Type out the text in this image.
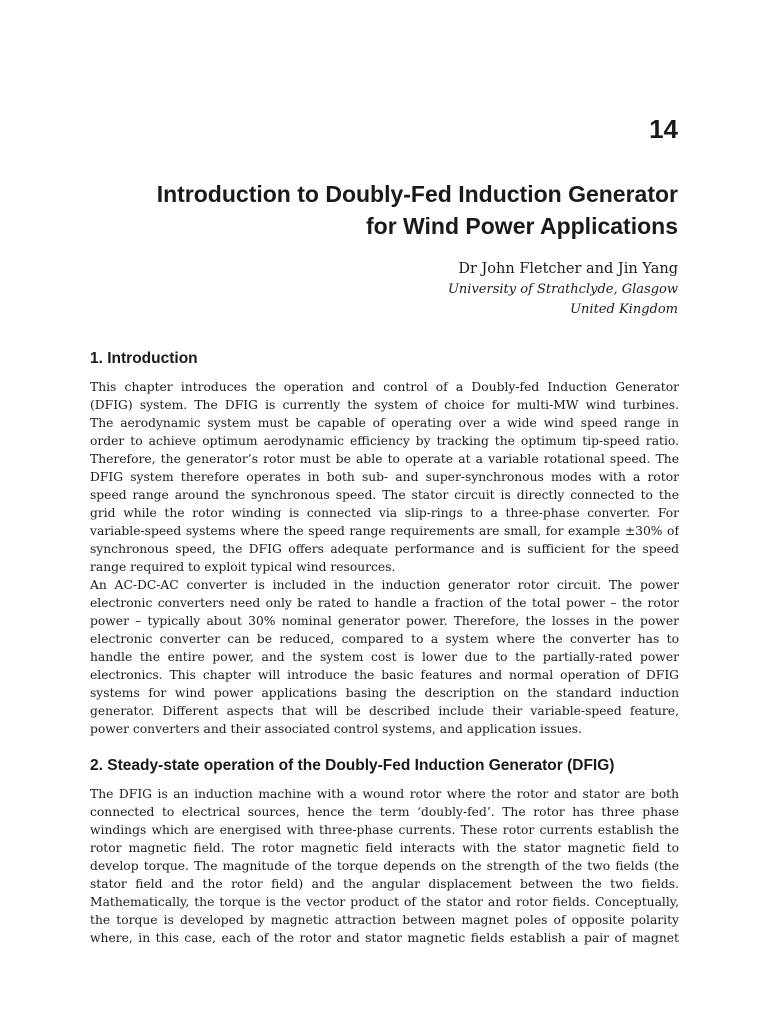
14
Introduction to Doubly-Fed Induction Generator
for Wind Power Applications
Dr John Fletcher and Jin Yang
University of Strathclyde, Glasgow
United Kingdom
1. Introduction
This chapter introduces the operation and control of a Doubly-fed Induction Generator
(DFIG) system. The DFIG is currently the system of choice for multi-MW wind turbines.
The aerodynamic system must be capable of operating over a wide wind speed range in
order to achieve optimum aerodynamic efficiency by tracking the optimum tip-speed ratio.
Therefore, the generator’s rotor must be able to operate at a variable rotational speed. The
DFIG system therefore operates in both sub- and super-synchronous modes with a rotor
speed range around the synchronous speed. The stator circuit is directly connected to the
grid while the rotor winding is connected via slip-rings to a three-phase converter. For
variable-speed systems where the speed range requirements are small, for example ±30% of
synchronous speed, the DFIG offers adequate performance and is sufficient for the speed
range required to exploit typical wind resources.
An AC-DC-AC converter is included in the induction generator rotor circuit. The power
electronic converters need only be rated to handle a fraction of the total power – the rotor
power – typically about 30% nominal generator power. Therefore, the losses in the power
electronic converter can be reduced, compared to a system where the converter has to
handle the entire power, and the system cost is lower due to the partially-rated power
electronics. This chapter will introduce the basic features and normal operation of DFIG
systems for wind power applications basing the description on the standard induction
generator. Different aspects that will be described include their variable-speed feature,
power converters and their associated control systems, and application issues.
2. Steady-state operation of the Doubly-Fed Induction Generator (DFIG)
The DFIG is an induction machine with a wound rotor where the rotor and stator are both
connected to electrical sources, hence the term ‘doubly-fed’. The rotor has three phase
windings which are energised with three-phase currents. These rotor currents establish the
rotor magnetic field. The rotor magnetic field interacts with the stator magnetic field to
develop torque. The magnitude of the torque depends on the strength of the two fields (the
stator field and the rotor field) and the angular displacement between the two fields.
Mathematically, the torque is the vector product of the stator and rotor fields. Conceptually,
the torque is developed by magnetic attraction between magnet poles of opposite polarity
where, in this case, each of the rotor and stator magnetic fields establish a pair of magnet
